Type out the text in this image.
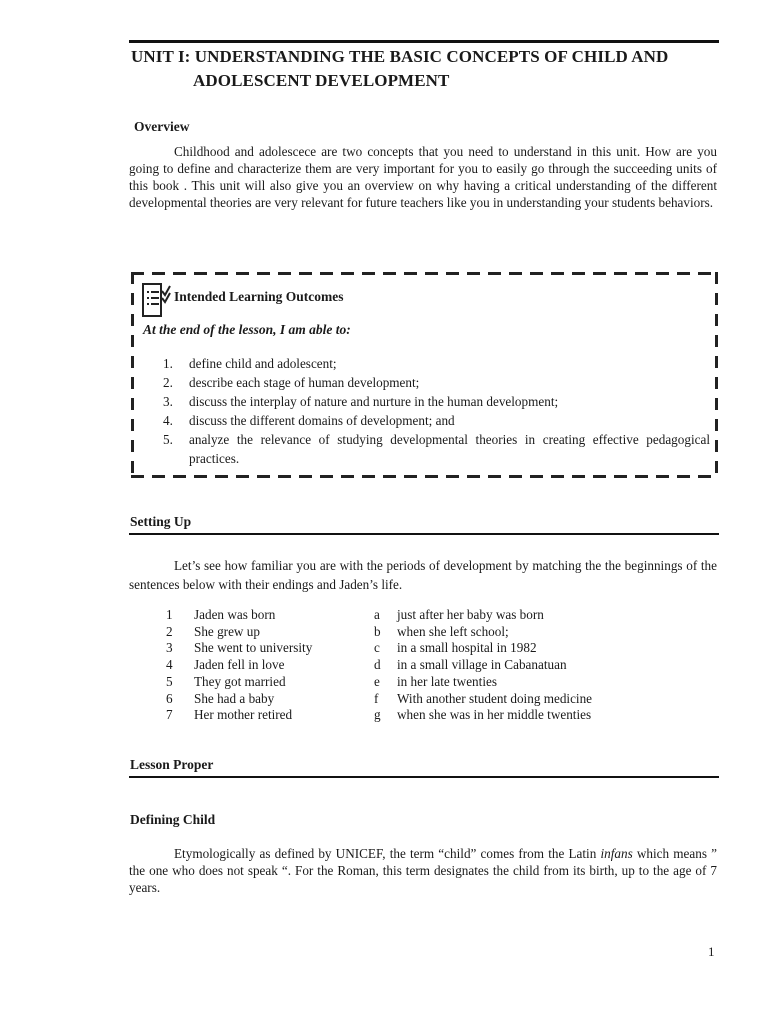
UNIT I: UNDERSTANDING THE BASIC CONCEPTS OF CHILD AND
ADOLESCENT DEVELOPMENT
Overview
Childhood and adolescece are two concepts that you need to understand in this unit. How are you going to define and characterize them are very important for you to easily go through the succeeding units of this book . This unit will also give you an overview on why having a critical understanding of the different developmental theories are very relevant for future teachers like you in understanding your students behaviors.
Intended Learning Outcomes
At the end of the lesson, I am able to:
1.	define child and adolescent;
2.	describe each stage of human development;
3.	discuss the interplay of nature and nurture in the human development;
4.	discuss the different domains of development; and
5.	analyze the relevance of studying developmental theories in creating effective pedagogical practices.
Setting Up
Let’s see how familiar you are with the periods of development by matching the the beginnings of the sentences below with their endings and Jaden’s life.
1	Jaden was born	a	just after her baby was born
2	She grew up	b	when she left school;
3	She went to university	c	in a small hospital in 1982
4	Jaden fell in love	d	in a small village in Cabanatuan
5	They got married	e	in her late twenties
6	She had a baby	f	With another student doing medicine
7	Her mother retired	g	when she was in her middle twenties
Lesson Proper
Defining Child
Etymologically as defined by UNICEF, the term “child” comes from the Latin infans which means ” the one who does not speak “. For the Roman, this term designates the child from its birth, up to the age of 7 years.
1
